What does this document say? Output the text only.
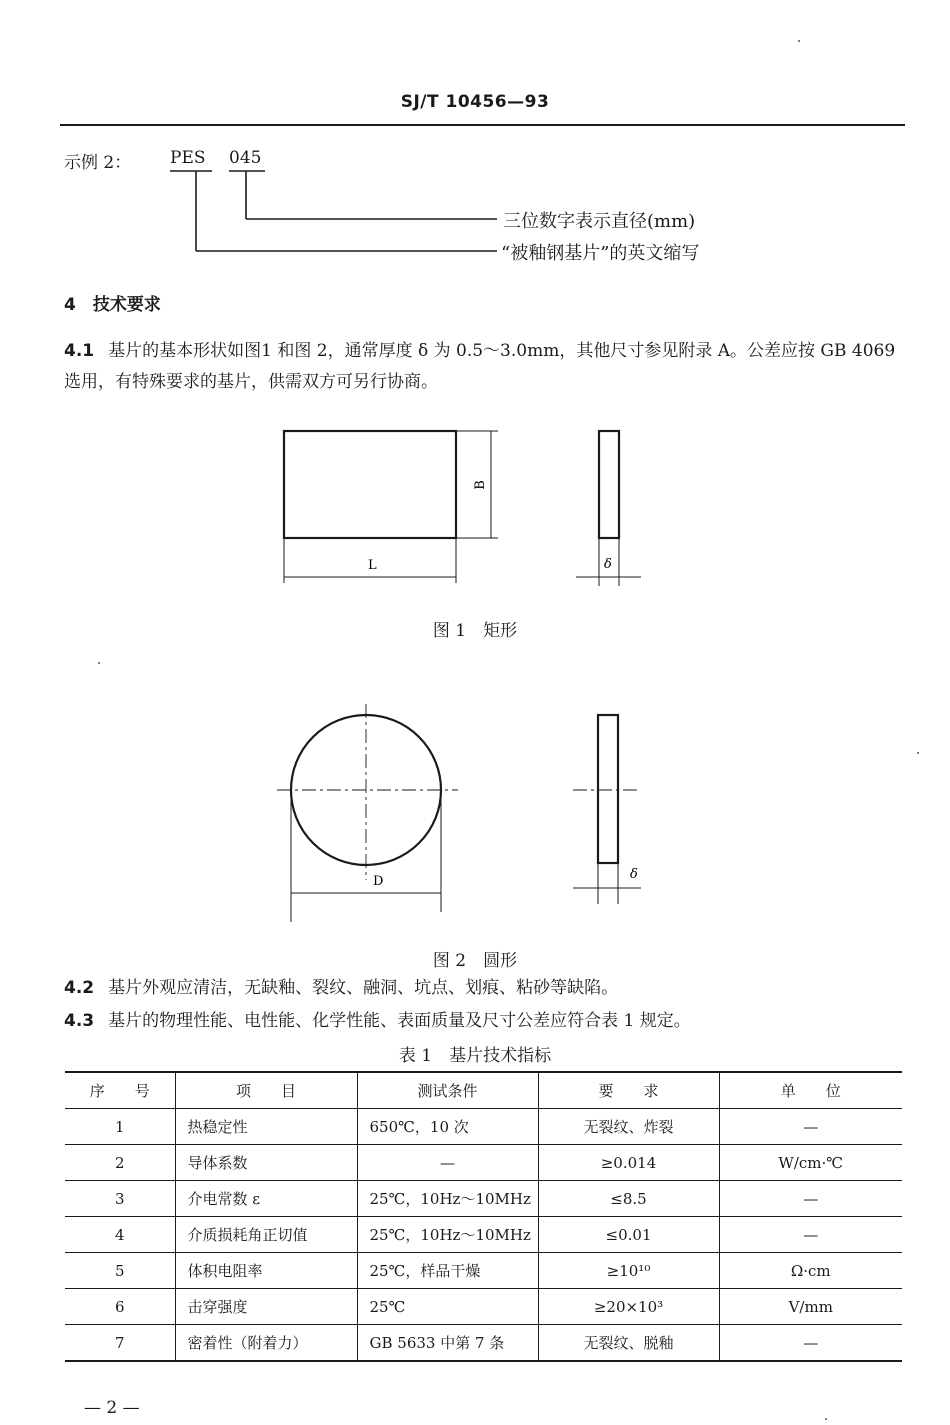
SJ/T 10456—93
示例 2： PES 045
三位数字表示直径(mm)
“被釉钢基片”的英文缩写
4　技术要求
4.1 基片的基本形状如图1 和图 2，通常厚度 δ 为 0.5～3.0mm，其他尺寸参见附录 A。公差应按 GB 4069 选用，有特殊要求的基片，供需双方可另行协商。
L
B
δ
图 1　矩形
D	δ
图 2　圆形
4.2 基片外观应清洁，无缺釉、裂纹、融洞、坑点、划痕、粘砂等缺陷。
4.3 基片的物理性能、电性能、化学性能、表面质量及尺寸公差应符合表 1 规定。
表 1　基片技术指标
序　　号	项　　目	测试条件	要　　求	单　　位
1	热稳定性	650℃，10 次	无裂纹、炸裂	—
2	导体系数	—	≥0.014	W/cm·℃
3	介电常数 ε	25℃，10Hz～10MHz	≤8.5	—
4	介质损耗角正切值	25℃，10Hz～10MHz	≤0.01	—
5	体积电阻率	25℃，样品干燥	≥10¹⁰	Ω·cm
6	击穿强度	25℃	≥20×10³	V/mm
7	密着性（附着力）	GB 5633 中第 7 条	无裂纹、脱釉	—
— 2 —
